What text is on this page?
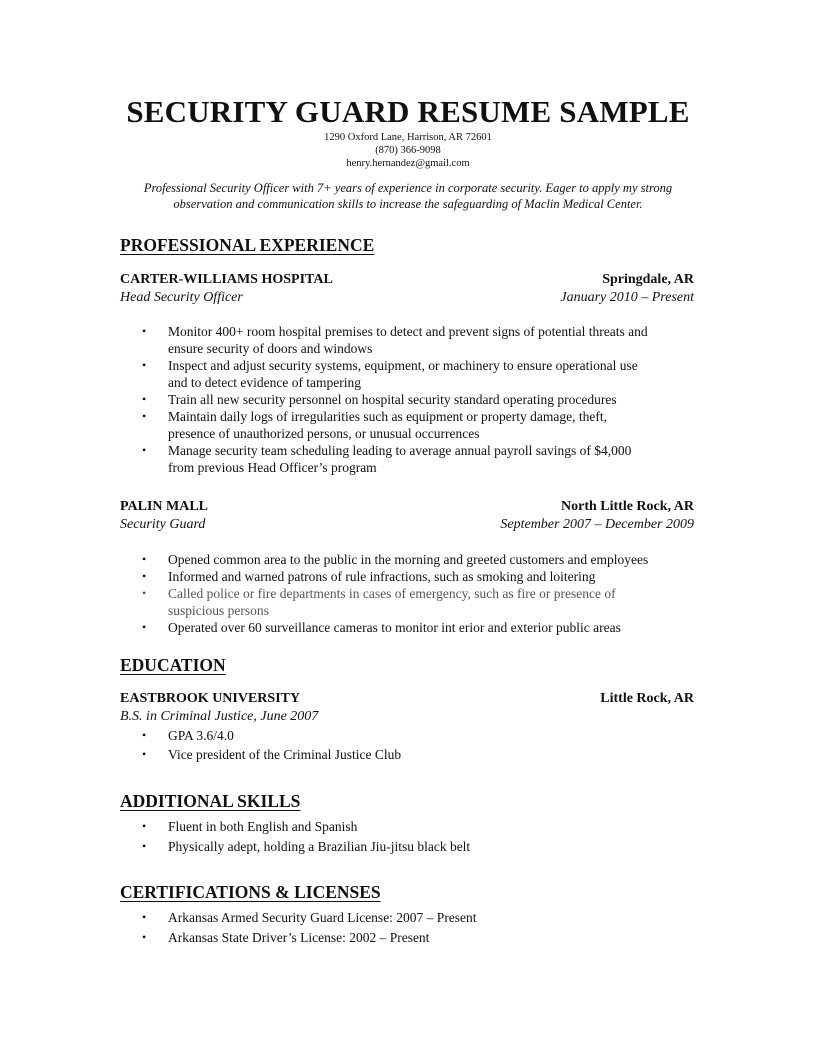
SECURITY GUARD RESUME SAMPLE
1290 Oxford Lane, Harrison, AR 72601
(870) 366-9098
henry.hernandez@gmail.com
Professional Security Officer with 7+ years of experience in corporate security. Eager to apply my strong
observation and communication skills to increase the safeguarding of Maclin Medical Center.
PROFESSIONAL EXPERIENCE
CARTER-WILLIAMS HOSPITAL	Springdale, AR
Head Security Officer	January 2010 – Present
• Monitor 400+ room hospital premises to detect and prevent signs of potential threats and
ensure security of doors and windows
• Inspect and adjust security systems, equipment, or machinery to ensure operational use
and to detect evidence of tampering
• Train all new security personnel on hospital security standard operating procedures
• Maintain daily logs of irregularities such as equipment or property damage, theft,
presence of unauthorized persons, or unusual occurrences
• Manage security team scheduling leading to average annual payroll savings of $4,000
from previous Head Officer’s program
PALIN MALL	North Little Rock, AR
Security Guard	September 2007 – December 2009
• Opened common area to the public in the morning and greeted customers and employees
• Informed and warned patrons of rule infractions, such as smoking and loitering
• Called police or fire departments in cases of emergency, such as fire or presence of
suspicious persons
• Operated over 60 surveillance cameras to monitor int erior and exterior public areas
EDUCATION
EASTBROOK UNIVERSITY	Little Rock, AR
B.S. in Criminal Justice, June 2007
• GPA 3.6/4.0
• Vice president of the Criminal Justice Club
ADDITIONAL SKILLS
• Fluent in both English and Spanish
• Physically adept, holding a Brazilian Jiu-jitsu black belt
CERTIFICATIONS & LICENSES
• Arkansas Armed Security Guard License: 2007 – Present
• Arkansas State Driver’s License: 2002 – Present
